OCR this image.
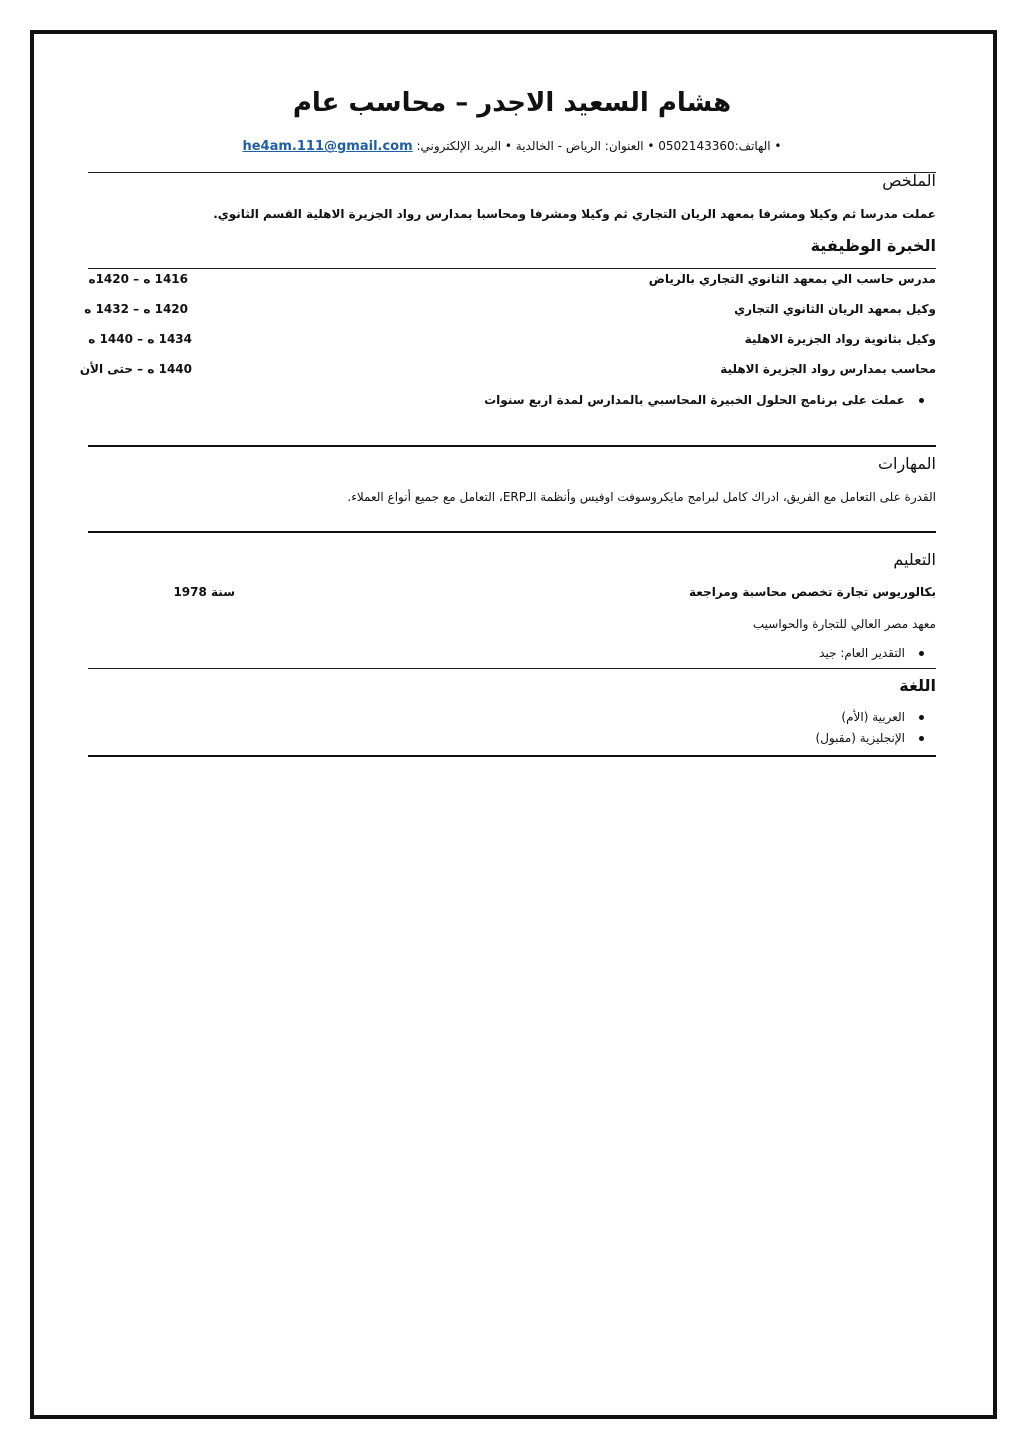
هشام السعيد الاجدر – محاسب عام
• الهاتف:0502143360 • العنوان: الرياض - الخالدية • البريد الإلكتروني: he4am.111@gmail.com
الملخص
عملت مدرسا ثم وكيلا ومشرفا بمعهد الريان التجاري ثم وكيلا ومشرفا ومحاسبا بمدارس رواد الجزيرة الاهلية القسم الثانوي.
الخبرة الوظيفية
مدرس حاسب الي بمعهد الثانوي التجاري بالرياض
1416 ه – 1420ه
وكيل بمعهد الريان الثانوي التجاري
1420 ه – 1432 ه
وكيل بثانوية رواد الجزيرة الاهلية
1434 ه – 1440 ه
محاسب بمدارس رواد الجزيرة الاهلية
1440 ه – حتى الأن
عملت على برنامج الحلول الخبيرة المحاسبي بالمدارس لمدة اربع سنوات
المهارات
القدرة على التعامل مع الفريق، ادراك كامل لبرامج مايكروسوفت اوفيس وأنظمة الـERP، التعامل مع جميع أنواع العملاء.
التعليم
بكالوريوس تجارة تخصص محاسبة ومراجعة
سنة 1978
معهد مصر العالي للتجارة والحواسيب
التقدير العام: جيد
اللغة
العربية (الأم)
الإنجليزية (مقبول)
